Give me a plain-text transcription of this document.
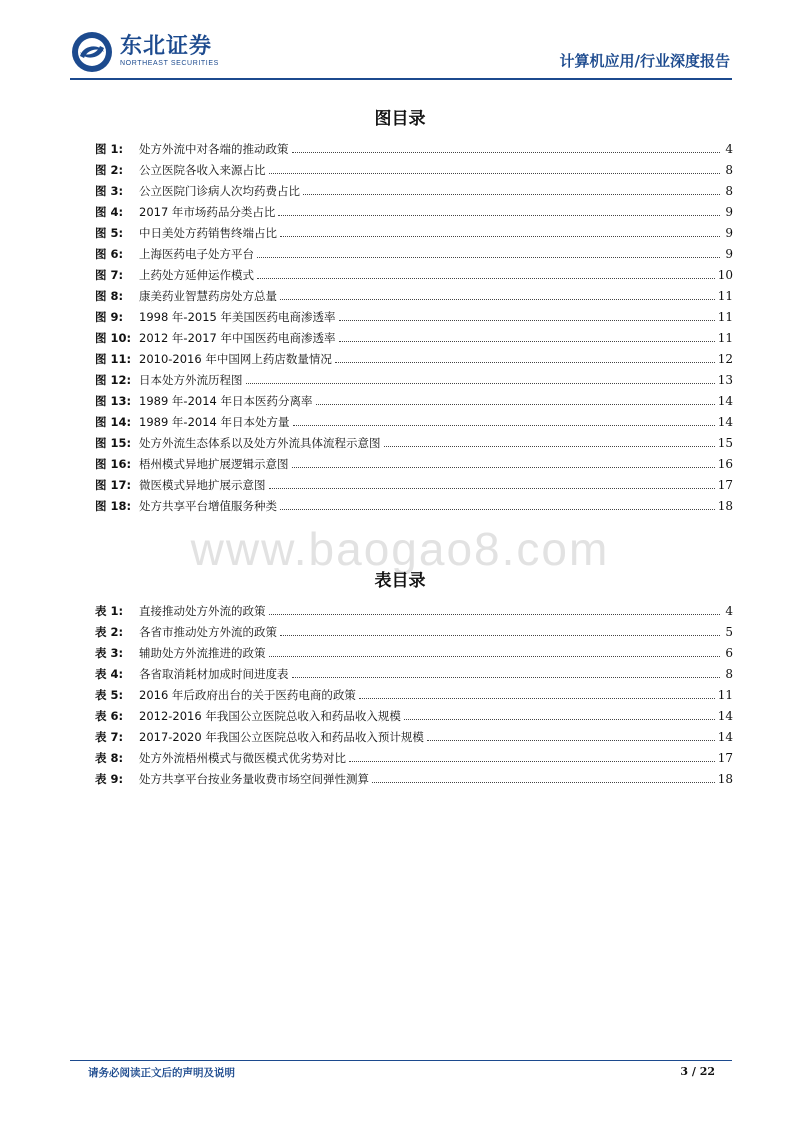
东北证券
NORTHEAST SECURITIES	计算机应用/行业深度报告
图目录
图 1: 处方外流中对各端的推动政策	4
图 2: 公立医院各收入来源占比	8
图 3: 公立医院门诊病人次均药费占比	8
图 4: 2017 年市场药品分类占比	9
图 5: 中日美处方药销售终端占比	9
图 6: 上海医药电子处方平台	9
图 7: 上药处方延伸运作模式	10
图 8: 康美药业智慧药房处方总量	11
图 9: 1998 年-2015 年美国医药电商渗透率	11
图 10: 2012 年-2017 年中国医药电商渗透率	11
图 11: 2010-2016 年中国网上药店数量情况	12
图 12: 日本处方外流历程图	13
图 13: 1989 年-2014 年日本医药分离率	14
图 14: 1989 年-2014 年日本处方量	14
图 15: 处方外流生态体系以及处方外流具体流程示意图	15
图 16: 梧州模式异地扩展逻辑示意图	16
图 17: 微医模式异地扩展示意图	17
图 18: 处方共享平台增值服务种类	18
www.baogao8.com
表目录
表 1: 直接推动处方外流的政策	4
表 2: 各省市推动处方外流的政策	5
表 3: 辅助处方外流推进的政策	6
表 4: 各省取消耗材加成时间进度表	8
表 5: 2016 年后政府出台的关于医药电商的政策	11
表 6: 2012-2016 年我国公立医院总收入和药品收入规模	14
表 7: 2017-2020 年我国公立医院总收入和药品收入预计规模	14
表 8: 处方外流梧州模式与微医模式优劣势对比	17
表 9: 处方共享平台按业务量收费市场空间弹性测算	18
请务必阅读正文后的声明及说明	3 / 22
